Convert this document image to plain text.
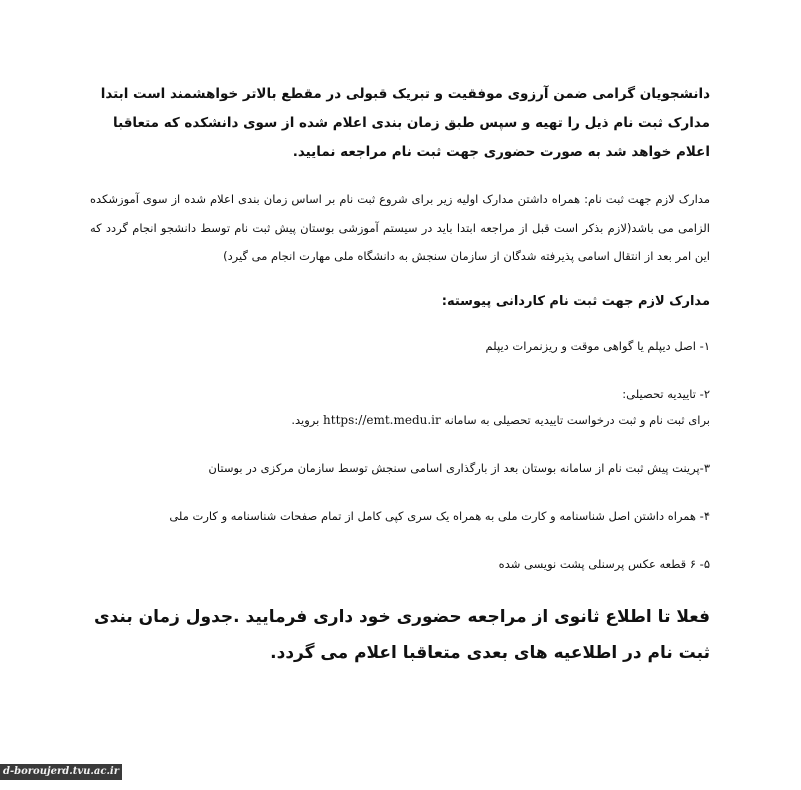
دانشجویان گرامی ضمن آرزوی موفقیت و تبریک قبولی در مقطع بالاتر خواهشمند است ابتدا مدارک ثبت نام ذیل را تهیه و سپس طبق زمان بندی اعلام شده از سوی دانشکده که متعاقبا اعلام خواهد شد به صورت حضوری جهت ثبت نام مراجعه نمایید.

مدارک لازم جهت ثبت نام: همراه داشتن مدارک اولیه زیر برای شروع ثبت نام بر اساس زمان بندی اعلام شده از سوی آموزشکده الزامی می باشد(لازم بذکر است قبل از مراجعه ابتدا باید در سیستم آموزشی بوستان پیش ثبت نام توسط دانشجو انجام گردد که این امر بعد از انتقال اسامی پذیرفته شدگان از سازمان سنجش به دانشگاه ملی مهارت انجام می گیرد)

مدارک لازم جهت ثبت نام کاردانی پیوسته:

۱- اصل دیپلم یا گواهی موقت و ریزنمرات دیپلم

۲- تاییدیه تحصیلی:
برای ثبت نام و ثبت درخواست تاییدیه تحصیلی به سامانه https://emt.medu.ir بروید.

۳-پرینت پیش ثبت نام از سامانه بوستان بعد از بارگذاری اسامی سنجش توسط سازمان مرکزی در بوستان

۴- همراه داشتن اصل شناسنامه و کارت ملی به همراه یک سری کپی کامل از تمام صفحات شناسنامه و کارت ملی

۵- ۶ قطعه عکس پرسنلی پشت نویسی شده

فعلا تا اطلاع ثانوی از مراجعه حضوری خود داری فرمایید .جدول زمان بندی ثبت نام در اطلاعیه های بعدی متعاقبا اعلام می گردد.

d-boroujerd.tvu.ac.ir
